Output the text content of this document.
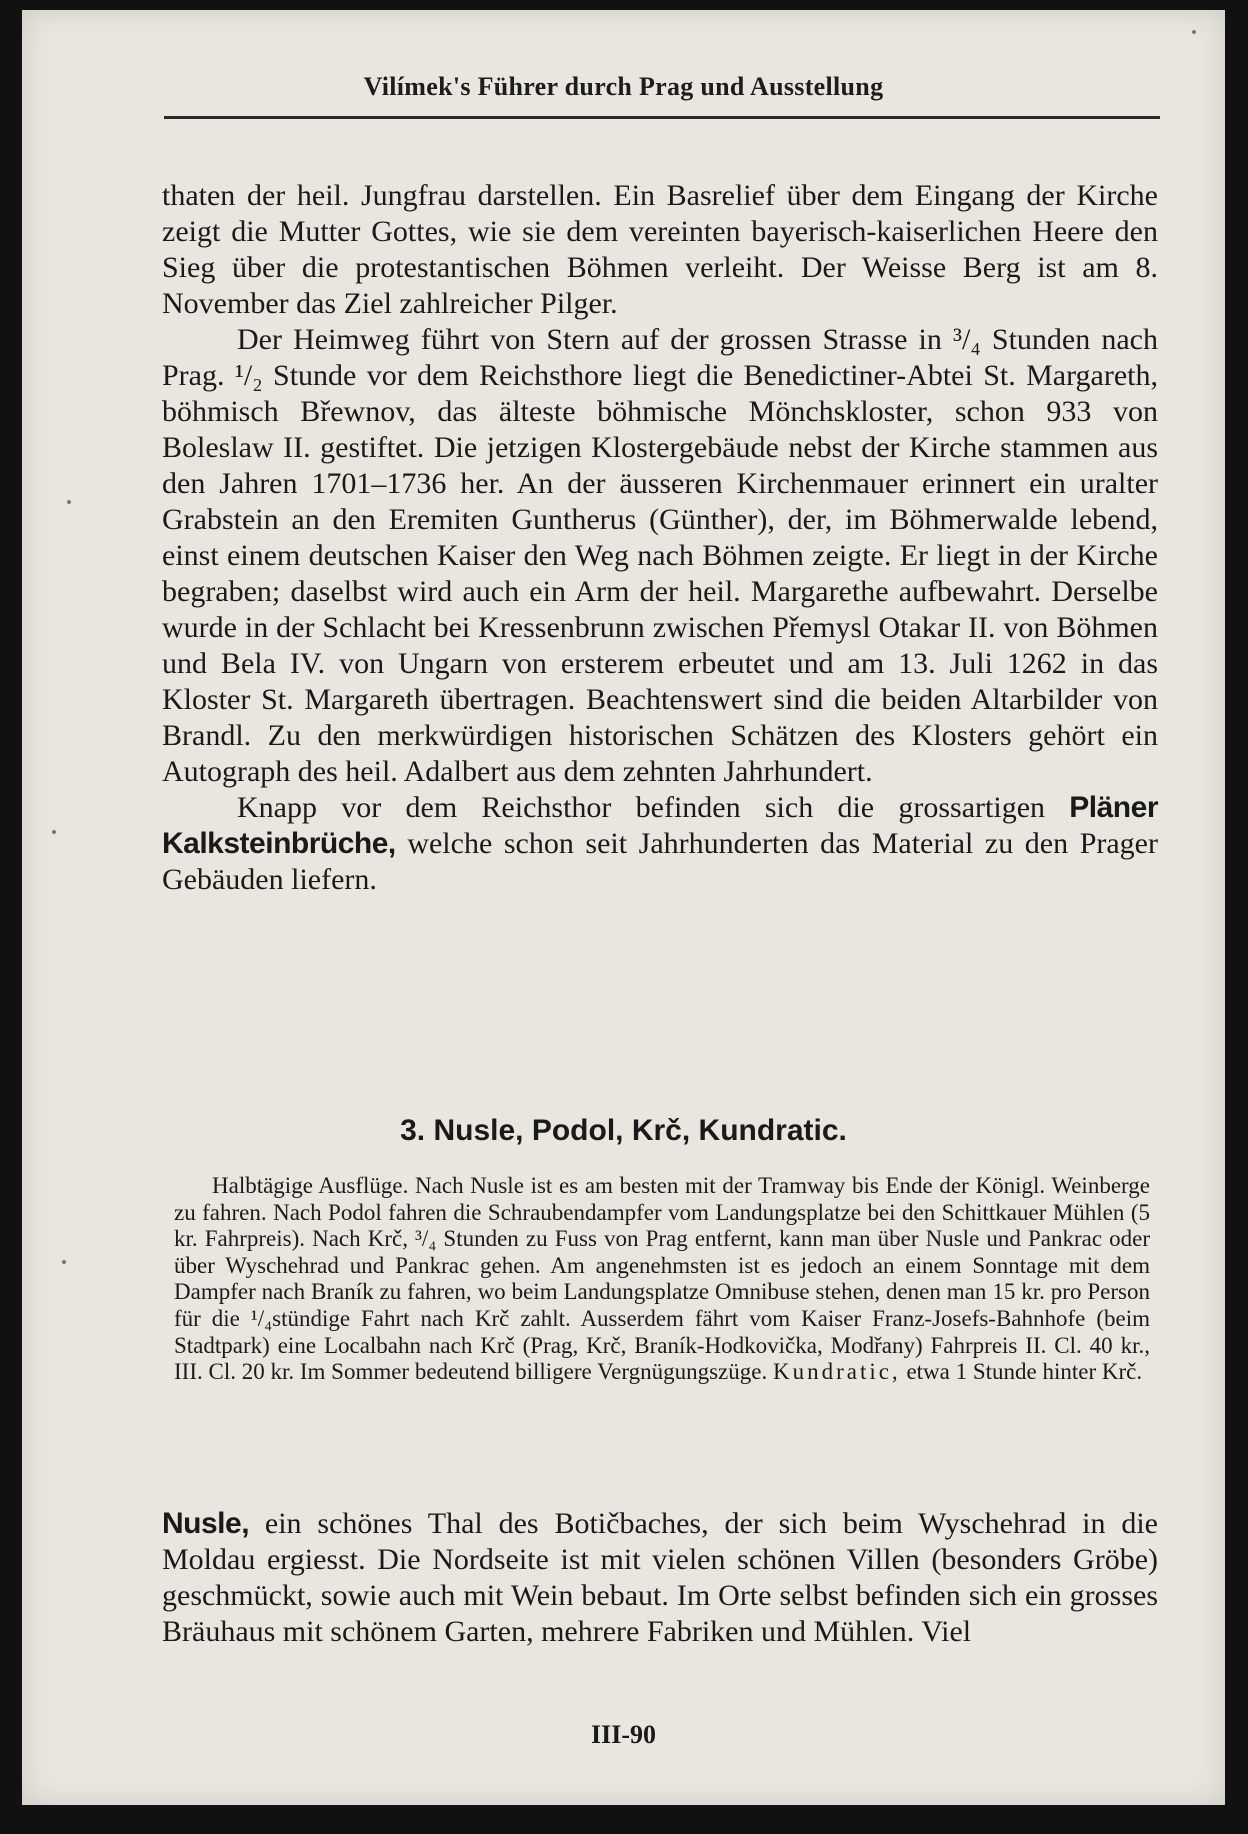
Vilímek's Führer durch Prag und Ausstellung

thaten der heil. Jungfrau darstellen. Ein Basrelief über dem Eingang der Kirche zeigt die Mutter Gottes, wie sie dem vereinten bayerisch-kaiserlichen Heere den Sieg über die protestantischen Böhmen verleiht. Der Weisse Berg ist am 8. November das Ziel zahlreicher Pilger.

Der Heimweg führt von Stern auf der grossen Strasse in ³/₄ Stunden nach Prag. ¹/₂ Stunde vor dem Reichsthore liegt die Benedictiner-Abtei St. Margareth, böhmisch Břewnov, das älteste böhmische Mönchskloster, schon 933 von Boleslaw II. gestiftet. Die jetzigen Klostergebäude nebst der Kirche stammen aus den Jahren 1701–1736 her. An der äusseren Kirchenmauer erinnert ein uralter Grabstein an den Eremiten Guntherus (Günther), der, im Böhmerwalde lebend, einst einem deutschen Kaiser den Weg nach Böhmen zeigte. Er liegt in der Kirche begraben; daselbst wird auch ein Arm der heil. Margarethe aufbewahrt. Derselbe wurde in der Schlacht bei Kressenbrunn zwischen Přemysl Otakar II. von Böhmen und Bela IV. von Ungarn von ersterem erbeutet und am 13. Juli 1262 in das Kloster St. Margareth übertragen. Beachtenswert sind die beiden Altarbilder von Brandl. Zu den merkwürdigen historischen Schätzen des Klosters gehört ein Autograph des heil. Adalbert aus dem zehnten Jahrhundert.

Knapp vor dem Reichsthor befinden sich die grossartigen Pläner Kalksteinbrüche, welche schon seit Jahrhunderten das Material zu den Prager Gebäuden liefern.

3. Nusle, Podol, Krč, Kundratic.

Halbtägige Ausflüge. Nach Nusle ist es am besten mit der Tramway bis Ende der Königl. Weinberge zu fahren. Nach Podol fahren die Schraubendampfer vom Landungsplatze bei den Schittkauer Mühlen (5 kr. Fahrpreis). Nach Krč, ³/₄ Stunden zu Fuss von Prag entfernt, kann man über Nusle und Pankrac oder über Wyschehrad und Pankrac gehen. Am angenehmsten ist es jedoch an einem Sonntage mit dem Dampfer nach Braník zu fahren, wo beim Landungsplatze Omnibuse stehen, denen man 15 kr. pro Person für die ¹/₄stündige Fahrt nach Krč zahlt. Ausserdem fährt vom Kaiser Franz-Josefs-Bahnhofe (beim Stadtpark) eine Localbahn nach Krč (Prag, Krč, Braník-Hodkovička, Modřany) Fahrpreis II. Cl. 40 kr., III. Cl. 20 kr. Im Sommer bedeutend billigere Vergnügungszüge. Kundratic, etwa 1 Stunde hinter Krč.

Nusle, ein schönes Thal des Botičbaches, der sich beim Wyschehrad in die Moldau ergiesst. Die Nordseite ist mit vielen schönen Villen (besonders Gröbe) geschmückt, sowie auch mit Wein bebaut. Im Orte selbst befinden sich ein grosses Bräuhaus mit schönem Garten, mehrere Fabriken und Mühlen. Viel

III-90
